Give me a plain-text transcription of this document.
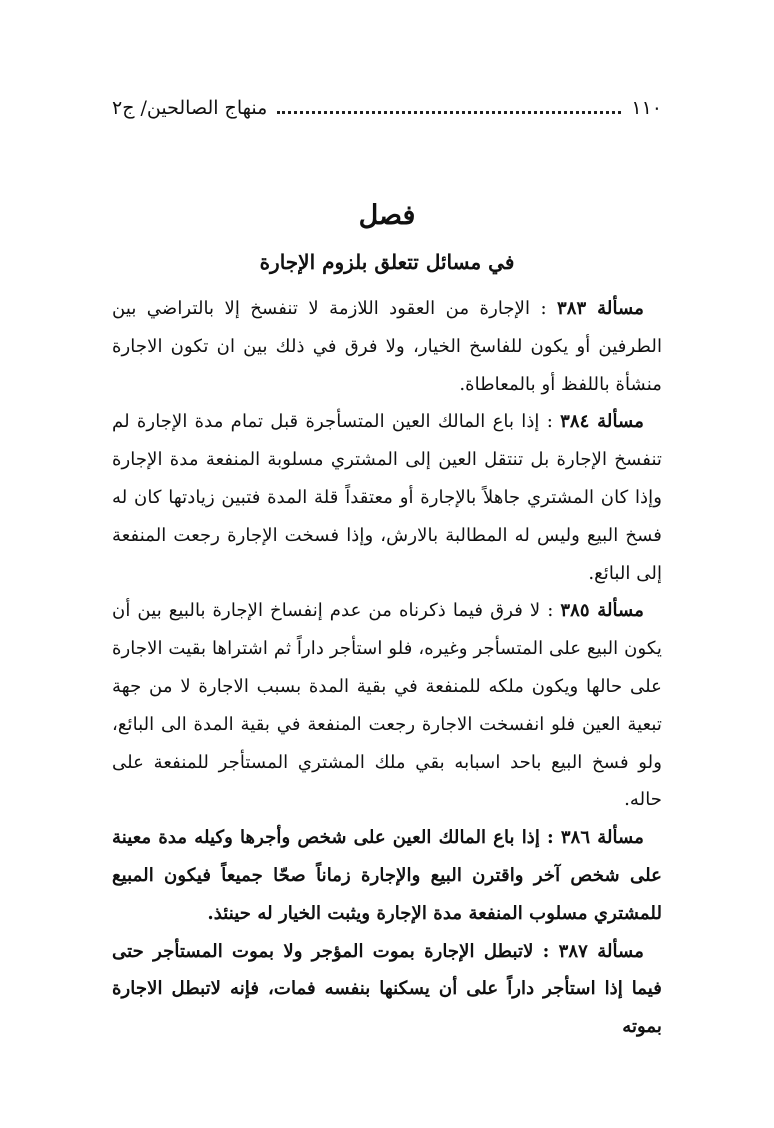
١١٠
منهاج الصالحين/ ج٢
فصل
في مسائل تتعلق بلزوم الإجارة

مسألة ٣٨٣ : الإجارة من العقود اللازمة لا تنفسخ إلا بالتراضي بين الطرفين أو يكون للفاسخ الخيار، ولا فرق في ذلك بين ان تكون الاجارة منشأة باللفظ أو بالمعاطاة.

مسألة ٣٨٤ : إذا باع المالك العين المتسأجرة قبل تمام مدة الإجارة لم تنفسخ الإجارة بل تنتقل العين إلى المشتري مسلوبة المنفعة مدة الإجارة وإذا كان المشتري جاهلاً بالإجارة أو معتقداً قلة المدة فتبين زيادتها كان له فسخ البيع وليس له المطالبة بالارش، وإذا فسخت الإجارة رجعت المنفعة إلى البائع.

مسألة ٣٨٥ : لا فرق فيما ذكرناه من عدم إنفساخ الإجارة بالبيع بين أن يكون البيع على المتسأجر وغيره، فلو استأجر داراً ثم اشتراها بقيت الاجارة على حالها ويكون ملكه للمنفعة في بقية المدة بسبب الاجارة لا من جهة تبعية العين فلو انفسخت الاجارة رجعت المنفعة في بقية المدة الى البائع، ولو فسخ البيع باحد اسبابه بقي ملك المشتري المستأجر للمنفعة على حاله.

مسألة ٣٨٦ : إذا باع المالك العين على شخص وأجرها وكيله مدة معينة على شخص آخر واقترن البيع والإجارة زماناً صحّا جميعاً فيكون المبيع للمشتري مسلوب المنفعة مدة الإجارة ويثبت الخيار له حينئذ.

مسألة ٣٨٧ : لاتبطل الإجارة بموت المؤجر ولا بموت المستأجر حتى فيما إذا استأجر داراً على أن يسكنها بنفسه فمات، فإنه لاتبطل الاجارة بموته
